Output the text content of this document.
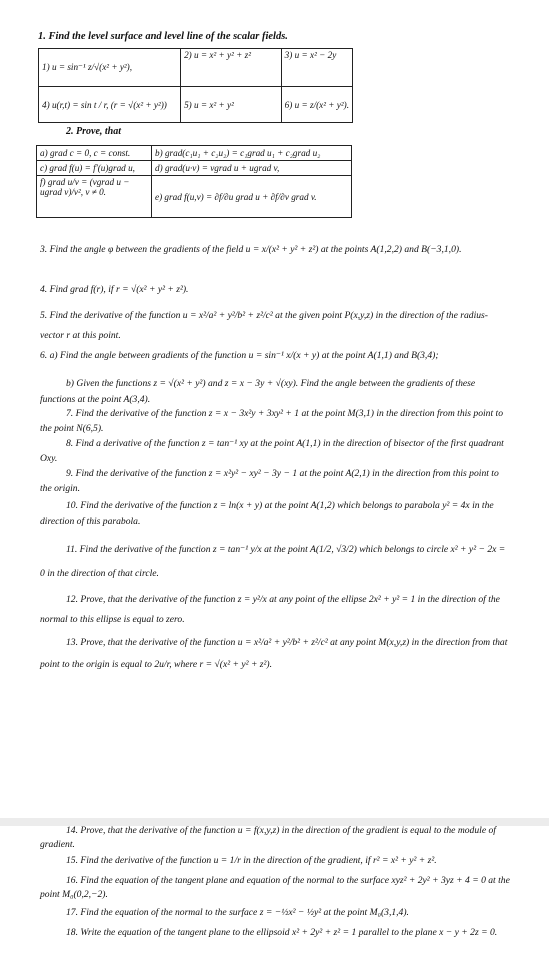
1. Find the level surface and level line of the scalar fields.
1) u = sin⁻¹ z/√(x² + y²),	2) u = x² + y² + z²	3) u = x² − 2y
4) u(r,t) = sin t / r, (r = √(x² + y²))	5) u = x² + y²	6) u = z/(x² + y²).
2. Prove, that
a) grad c = 0, c = const.	b) grad(c₁u₁ + c₂u₂) = c₁grad u₁ + c₂grad u₂
c) grad f(u) = f′(u)grad u,	d) grad(u·v) = vgrad u + ugrad v,
f) grad u/v = (vgrad u − ugrad v)/v², v ≠ 0.	e) grad f(u,v) = ∂f/∂u grad u + ∂f/∂v grad v.
3. Find the angle φ between the gradients of the field u = x/(x² + y² + z²) at the points A(1,2,2) and B(−3,1,0).
4. Find grad f(r), if r = √(x² + y² + z²).
5. Find the derivative of the function u = x²/a² + y²/b² + z²/c² at the given point P(x,y,z) in the direction of the radius-vector r at this point.
6. a) Find the angle between gradients of the function u = sin⁻¹ x/(x + y) at the point A(1,1) and B(3,4);
b) Given the functions z = √(x² + y²) and z = x − 3y + √(xy). Find the angle between the gradients of these functions at the point A(3,4).
7. Find the derivative of the function z = x − 3x²y + 3xy² + 1 at the point M(3,1) in the direction from this point to the point N(6,5).
8. Find a derivative of the function z = tan⁻¹ xy at the point A(1,1) in the direction of bisector of the first quadrant Oxy.
9. Find the derivative of the function z = x²y² − xy² − 3y − 1 at the point A(2,1) in the direction from this point to the origin.
10. Find the derivative of the function z = ln(x + y) at the point A(1,2) which belongs to parabola y² = 4x in the direction of this parabola.
11. Find the derivative of the function z = tan⁻¹ y/x at the point A(1/2, √3/2) which belongs to circle x² + y² − 2x = 0 in the direction of that circle.
12. Prove, that the derivative of the function z = y²/x at any point of the ellipse 2x² + y² = 1 in the direction of the normal to this ellipse is equal to zero.
13. Prove, that the derivative of the function u = x²/a² + y²/b² + z²/c² at any point M(x,y,z) in the direction from that point to the origin is equal to 2u/r, where r = √(x² + y² + z²).
14. Prove, that the derivative of the function u = f(x,y,z) in the direction of the gradient is equal to the module of gradient.
15. Find the derivative of the function u = 1/r in the direction of the gradient, if r² = x² + y² + z².
16. Find the equation of the tangent plane and equation of the normal to the surface xyz² + 2y² + 3yz + 4 = 0 at the point M₀(0,2,−2).
17. Find the equation of the normal to the surface z = −½x² − ½y² at the point M₀(3,1,4).
18. Write the equation of the tangent plane to the ellipsoid x² + 2y² + z² = 1 parallel to the plane x − y + 2z = 0.
